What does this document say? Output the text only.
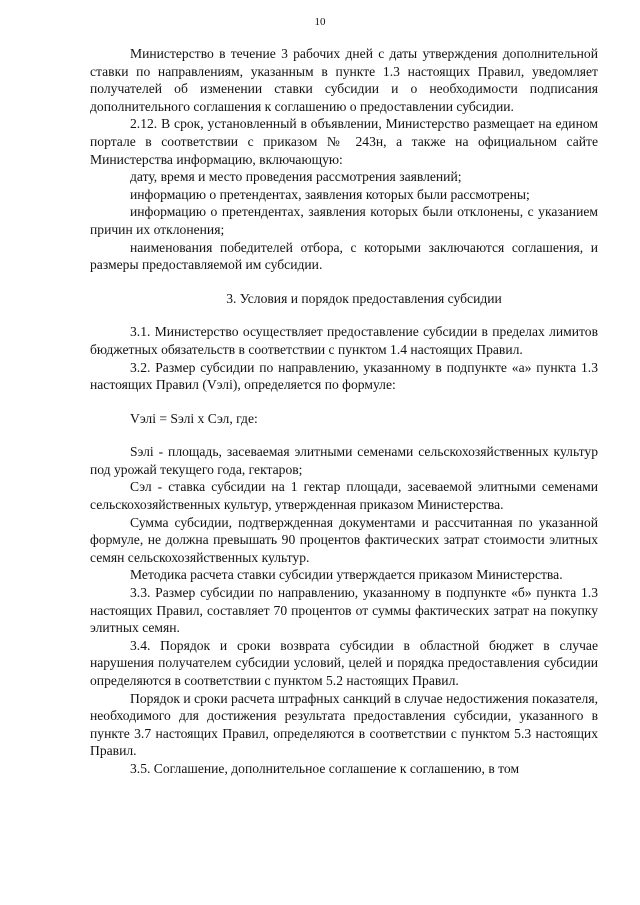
10

Министерство в течение 3 рабочих дней с даты утверждения дополнительной ставки по направлениям, указанным в пункте 1.3 настоящих Правил, уведомляет получателей об изменении ставки субсидии и о необходимости подписания дополнительного соглашения к соглашению о предоставлении субсидии.

2.12. В срок, установленный в объявлении, Министерство размещает на едином портале в соответствии с приказом № 243н, а также на официальном сайте Министерства информацию, включающую:

дату, время и место проведения рассмотрения заявлений;

информацию о претендентах, заявления которых были рассмотрены;

информацию о претендентах, заявления которых были отклонены, с указанием причин их отклонения;

наименования победителей отбора, с которыми заключаются соглашения, и размеры предоставляемой им субсидии.

3. Условия и порядок предоставления субсидии

3.1. Министерство осуществляет предоставление субсидии в пределах лимитов бюджетных обязательств в соответствии с пунктом 1.4 настоящих Правил.

3.2. Размер субсидии по направлению, указанному в подпункте «а» пункта 1.3 настоящих Правил (Vэлi), определяется по формуле:

Vэлi = Sэлi x Сэл, где:

Sэлi - площадь, засеваемая элитными семенами сельскохозяйственных культур под урожай текущего года, гектаров;

Сэл - ставка субсидии на 1 гектар площади, засеваемой элитными семенами сельскохозяйственных культур, утвержденная приказом Министерства.

Сумма субсидии, подтвержденная документами и рассчитанная по указанной формуле, не должна превышать 90 процентов фактических затрат стоимости элитных семян сельскохозяйственных культур.

Методика расчета ставки субсидии утверждается приказом Министерства.

3.3. Размер субсидии по направлению, указанному в подпункте «б» пункта 1.3 настоящих Правил, составляет 70 процентов от суммы фактических затрат на покупку элитных семян.

3.4. Порядок и сроки возврата субсидии в областной бюджет в случае нарушения получателем субсидии условий, целей и порядка предоставления субсидии определяются в соответствии с пунктом 5.2 настоящих Правил.

Порядок и сроки расчета штрафных санкций в случае недостижения показателя, необходимого для достижения результата предоставления субсидии, указанного в пункте 3.7 настоящих Правил, определяются в соответствии с пунктом 5.3 настоящих Правил.

3.5. Соглашение, дополнительное соглашение к соглашению, в том
